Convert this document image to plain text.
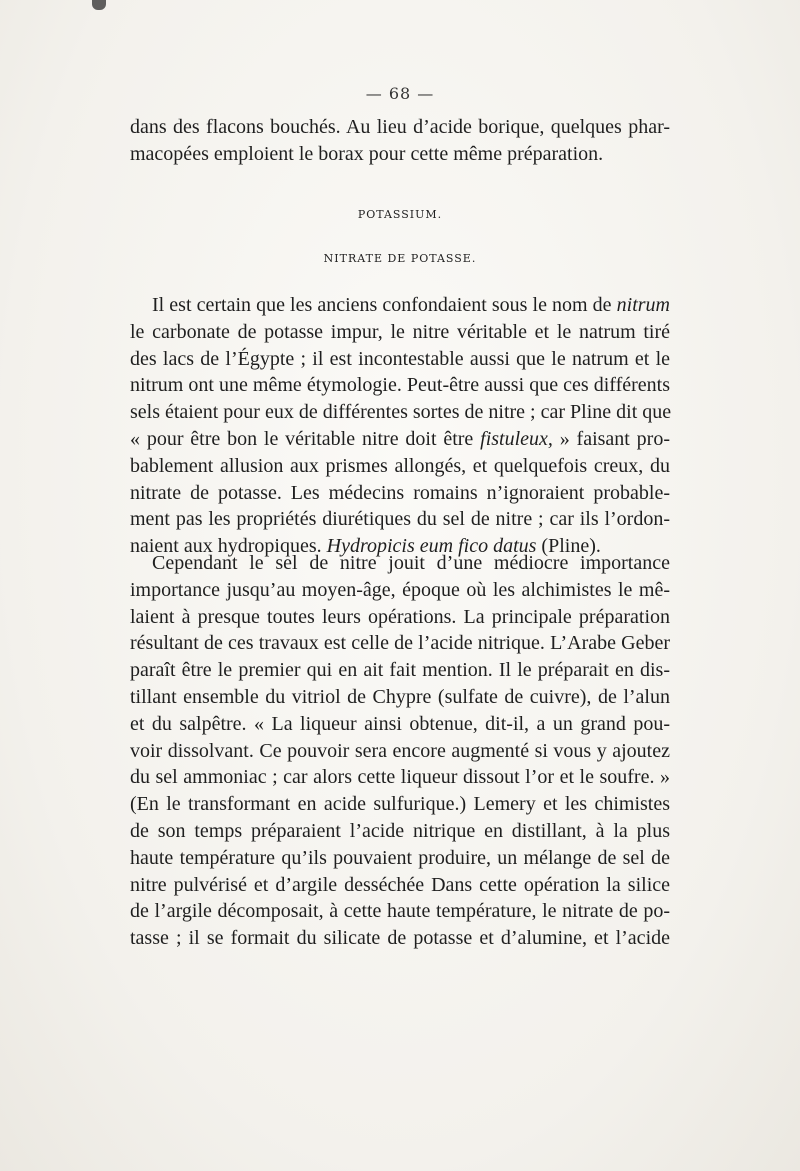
— 68 —
dans des flacons bouchés. Au lieu d’acide borique, quelques phar-
macopées emploient le borax pour cette même préparation.
POTASSIUM.
NITRATE DE POTASSE.
Il est certain que les anciens confondaient sous le nom de nitrum
le carbonate de potasse impur, le nitre véritable et le natrum tiré
des lacs de l’Égypte ; il est incontestable aussi que le natrum et le
nitrum ont une même étymologie. Peut-être aussi que ces différents
sels étaient pour eux de différentes sortes de nitre ; car Pline dit que
« pour être bon le véritable nitre doit être fistuleux, » faisant pro-
bablement allusion aux prismes allongés, et quelquefois creux, du
nitrate de potasse. Les médecins romains n’ignoraient probable-
ment pas les propriétés diurétiques du sel de nitre ; car ils l’ordon-
naient aux hydropiques. Hydropicis eum fico datus (Pline).
Cependant le sel de nitre jouit d’une médiocre importance
importance jusqu’au moyen-âge, époque où les alchimistes le mê-
laient à presque toutes leurs opérations. La principale préparation
résultant de ces travaux est celle de l’acide nitrique. L’Arabe Geber
paraît être le premier qui en ait fait mention. Il le préparait en dis-
tillant ensemble du vitriol de Chypre (sulfate de cuivre), de l’alun
et du salpêtre. « La liqueur ainsi obtenue, dit-il, a un grand pou-
voir dissolvant. Ce pouvoir sera encore augmenté si vous y ajoutez
du sel ammoniac ; car alors cette liqueur dissout l’or et le soufre. »
(En le transformant en acide sulfurique.) Lemery et les chimistes
de son temps préparaient l’acide nitrique en distillant, à la plus
haute température qu’ils pouvaient produire, un mélange de sel de
nitre pulvérisé et d’argile desséchée Dans cette opération la silice
de l’argile décomposait, à cette haute température, le nitrate de po-
tasse ; il se formait du silicate de potasse et d’alumine, et l’acide
